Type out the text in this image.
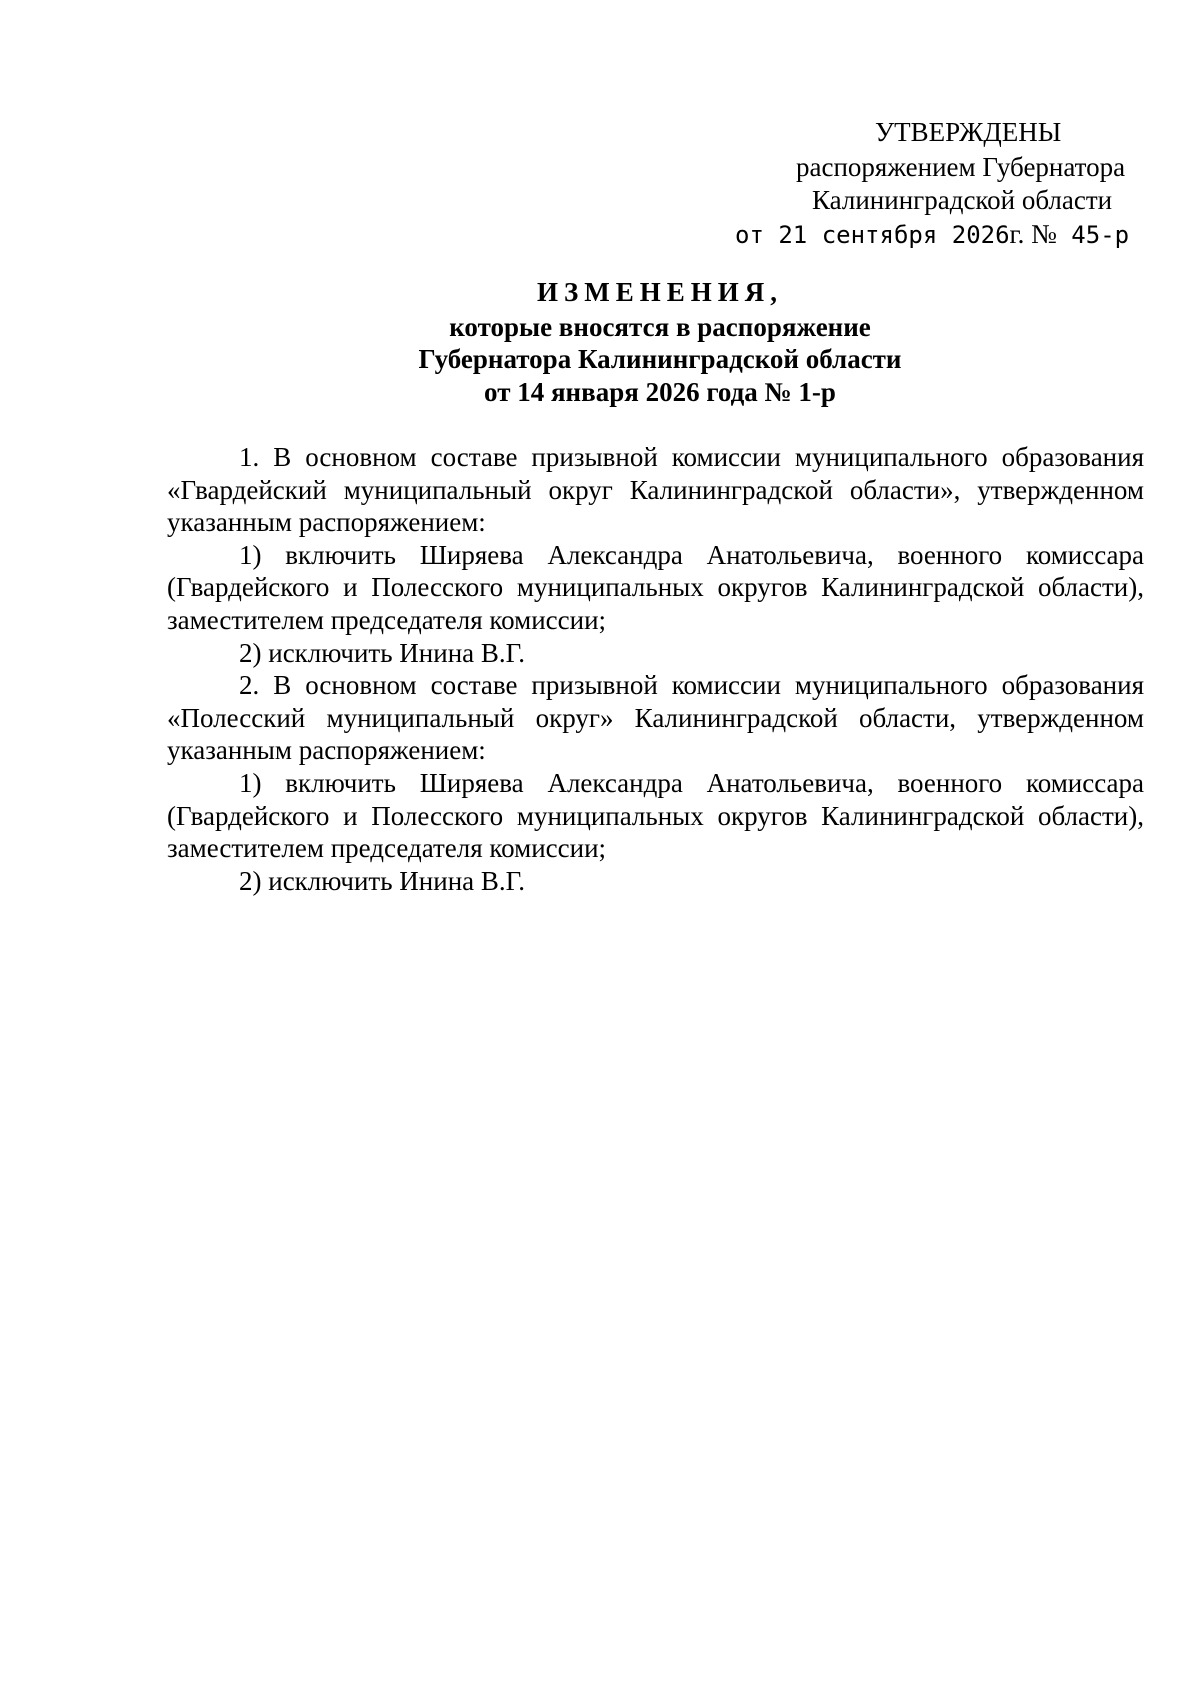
УТВЕРЖДЕНЫ
распоряжением Губернатора
Калининградской области
от 21 сентября 2026г. № 45-р
ИЗМЕНЕНИЯ,
которые вносятся в распоряжение
Губернатора Калининградской области
от 14 января 2026 года № 1-р

1. В основном составе призывной комиссии муниципального образования «Гвардейский муниципальный округ Калининградской области», утвержденном указанным распоряжением:

1) включить Ширяева Александра Анатольевича, военного комиссара (Гвардейского и Полесского муниципальных округов Калининградской области), заместителем председателя комиссии;

2) исключить Инина В.Г.

2. В основном составе призывной комиссии муниципального образования «Полесский муниципальный округ» Калининградской области, утвержденном указанным распоряжением:

1) включить Ширяева Александра Анатольевича, военного комиссара (Гвардейского и Полесского муниципальных округов Калининградской области), заместителем председателя комиссии;

2) исключить Инина В.Г.
